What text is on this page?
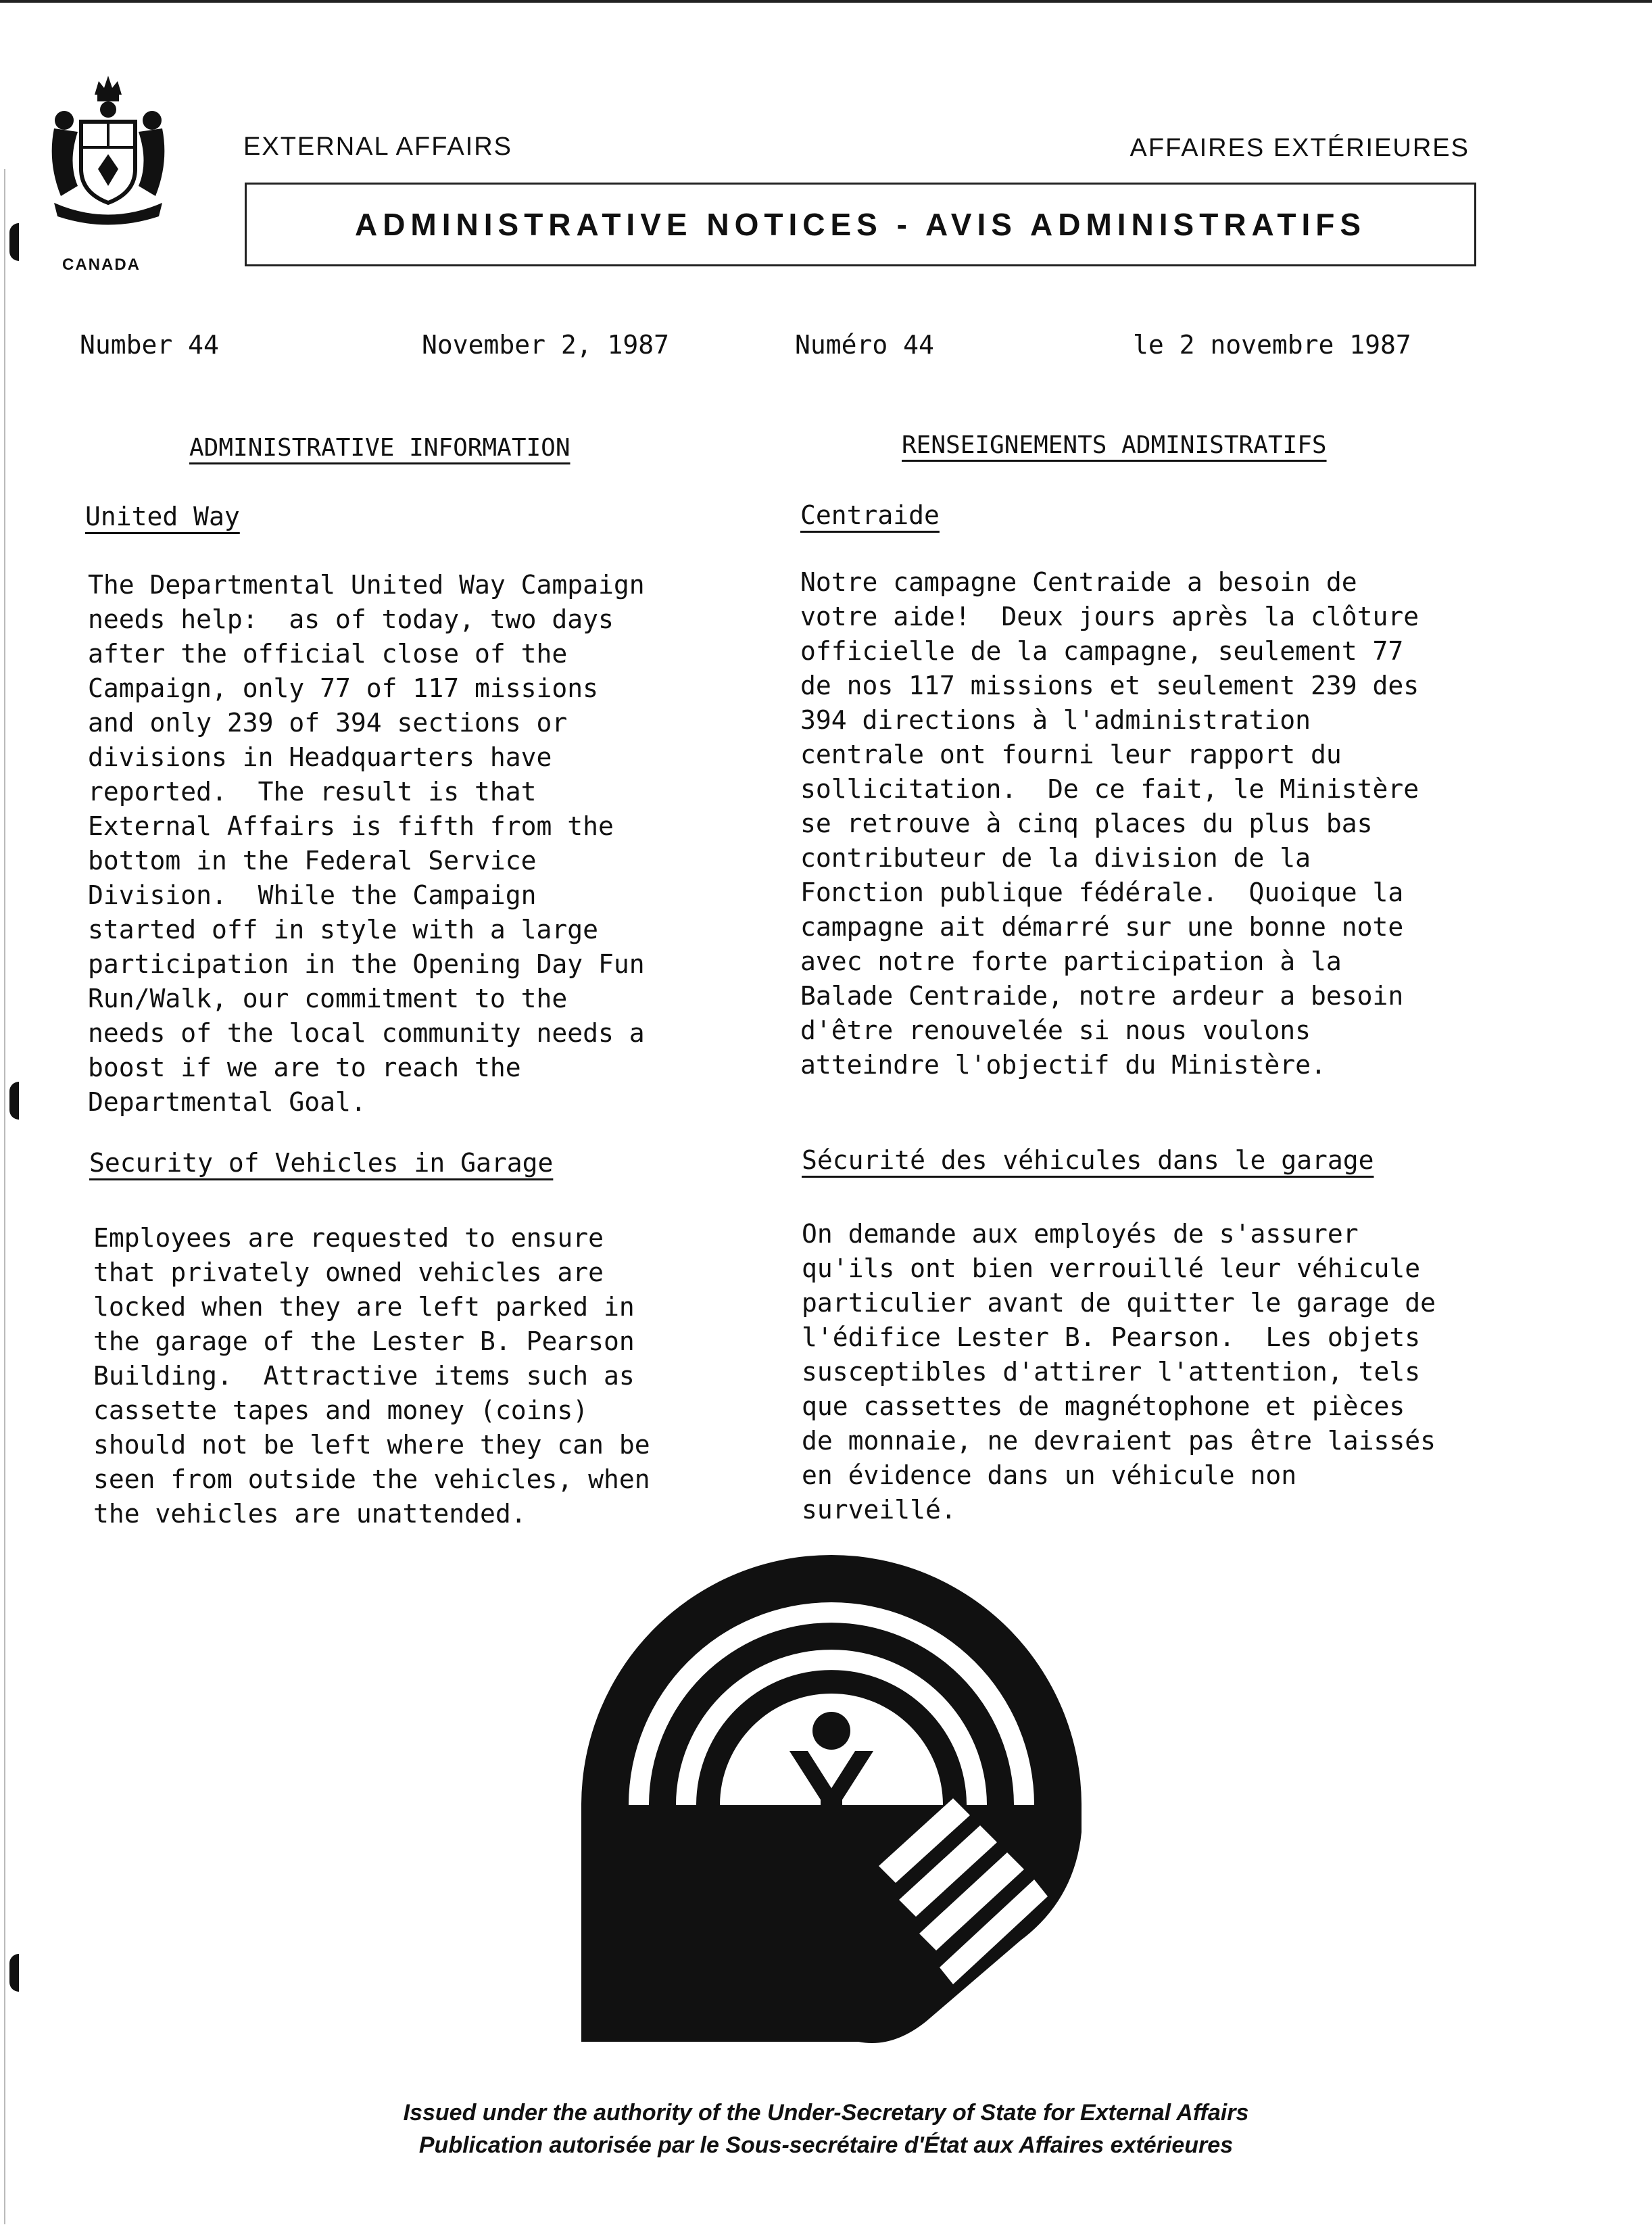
CANADA
EXTERNAL AFFAIRS	AFFAIRES EXTÉRIEURES
ADMINISTRATIVE NOTICES - AVIS ADMINISTRATIFS
Number 44	November 2, 1987	Numéro 44	le 2 novembre 1987
ADMINISTRATIVE INFORMATION
United Way
The Departmental United Way Campaign
needs help:  as of today, two days
after the official close of the
Campaign, only 77 of 117 missions
and only 239 of 394 sections or
divisions in Headquarters have
reported.  The result is that
External Affairs is fifth from the
bottom in the Federal Service
Division.  While the Campaign
started off in style with a large
participation in the Opening Day Fun
Run/Walk, our commitment to the
needs of the local community needs a
boost if we are to reach the
Departmental Goal.
Security of Vehicles in Garage
Employees are requested to ensure
that privately owned vehicles are
locked when they are left parked in
the garage of the Lester B. Pearson
Building.  Attractive items such as
cassette tapes and money (coins)
should not be left where they can be
seen from outside the vehicles, when
the vehicles are unattended.
RENSEIGNEMENTS ADMINISTRATIFS
Centraide
Notre campagne Centraide a besoin de
votre aide!  Deux jours après la clôture
officielle de la campagne, seulement 77
de nos 117 missions et seulement 239 des
394 directions à l'administration
centrale ont fourni leur rapport du
sollicitation.  De ce fait, le Ministère
se retrouve à cinq places du plus bas
contributeur de la division de la
Fonction publique fédérale.  Quoique la
campagne ait démarré sur une bonne note
avec notre forte participation à la
Balade Centraide, notre ardeur a besoin
d'être renouvelée si nous voulons
atteindre l'objectif du Ministère.
Sécurité des véhicules dans le garage
On demande aux employés de s'assurer
qu'ils ont bien verrouillé leur véhicule
particulier avant de quitter le garage de
l'édifice Lester B. Pearson.  Les objets
susceptibles d'attirer l'attention, tels
que cassettes de magnétophone et pièces
de monnaie, ne devraient pas être laissés
en évidence dans un véhicule non
surveillé.
Issued under the authority of the Under-Secretary of State for External Affairs
Publication autorisée par le Sous-secrétaire d'État aux Affaires extérieures
